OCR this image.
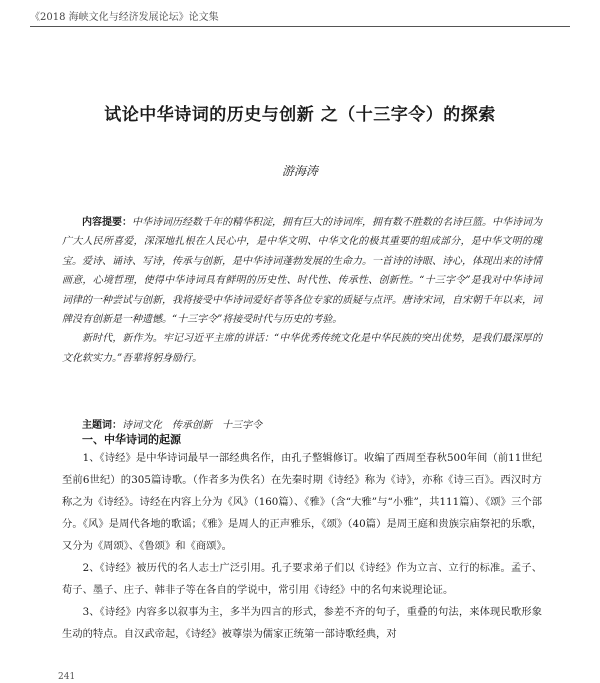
《2018 海峡文化与经济发展论坛》论文集
试论中华诗词的历史与创新 之（十三字令）的探索
游海涛

内容提要：中华诗词历经数千年的精华积淀，拥有巨大的诗词库，拥有数不胜数的名诗巨篮。中华诗词为广大人民所喜爱，深深地扎根在人民心中，是中华文明、中华文化的极其重要的组成部分，是中华文明的瑰宝。爱诗、诵诗、写诗，传承与创新，是中华诗词蓬勃发展的生命力。一首诗的诗眼、诗心，体现出来的诗情画意，心境哲理，使得中华诗词具有鲜明的历史性、时代性、传承性、创新性。“十三字令”是我对中华诗词词律的一种尝试与创新，我将接受中华诗词爱好者等各位专家的质疑与点评。唐诗宋词，自宋朝千年以来，词牌没有创新是一种遗憾。“十三字令”将接受时代与历史的考验。

新时代，新作为。牢记习近平主席的讲话：“中华优秀传统文化是中华民族的突出优势，是我们最深厚的文化软实力。”吾辈将躬身励行。

主题词：诗词文化　传承创新　十三字令
一、中华诗词的起源

1、《诗经》是中华诗词最早一部经典名作，由孔子整辑修订。收编了西周至春秋500年间（前11世纪至前6世纪）的305篇诗歌。（作者多为佚名）在先秦时期《诗经》称为《诗》，亦称《诗三百》。西汉时方称之为《诗经》。诗经在内容上分为《风》（160篇）、《雅》（含“大雅”与“小雅”，共111篇）、《颂》三个部分。《风》是周代各地的歌谣；《雅》是周人的正声雅乐，《颂》（40篇）是周王庭和贵族宗庙祭祀的乐歌，又分为《周颂》、《鲁颂》和《商颂》。

2、《诗经》被历代的名人志士广泛引用。孔子要求弟子们以《诗经》作为立言、立行的标准。孟子、荀子、墨子、庄子、韩非子等在各自的学说中，常引用《诗经》中的名句来说理论证。

3、《诗经》内容多以叙事为主，多半为四言的形式，参差不齐的句子，重叠的句法，来体现民歌形象生动的特点。自汉武帝起，《诗经》被尊崇为儒家正统第一部诗歌经典，对

241
